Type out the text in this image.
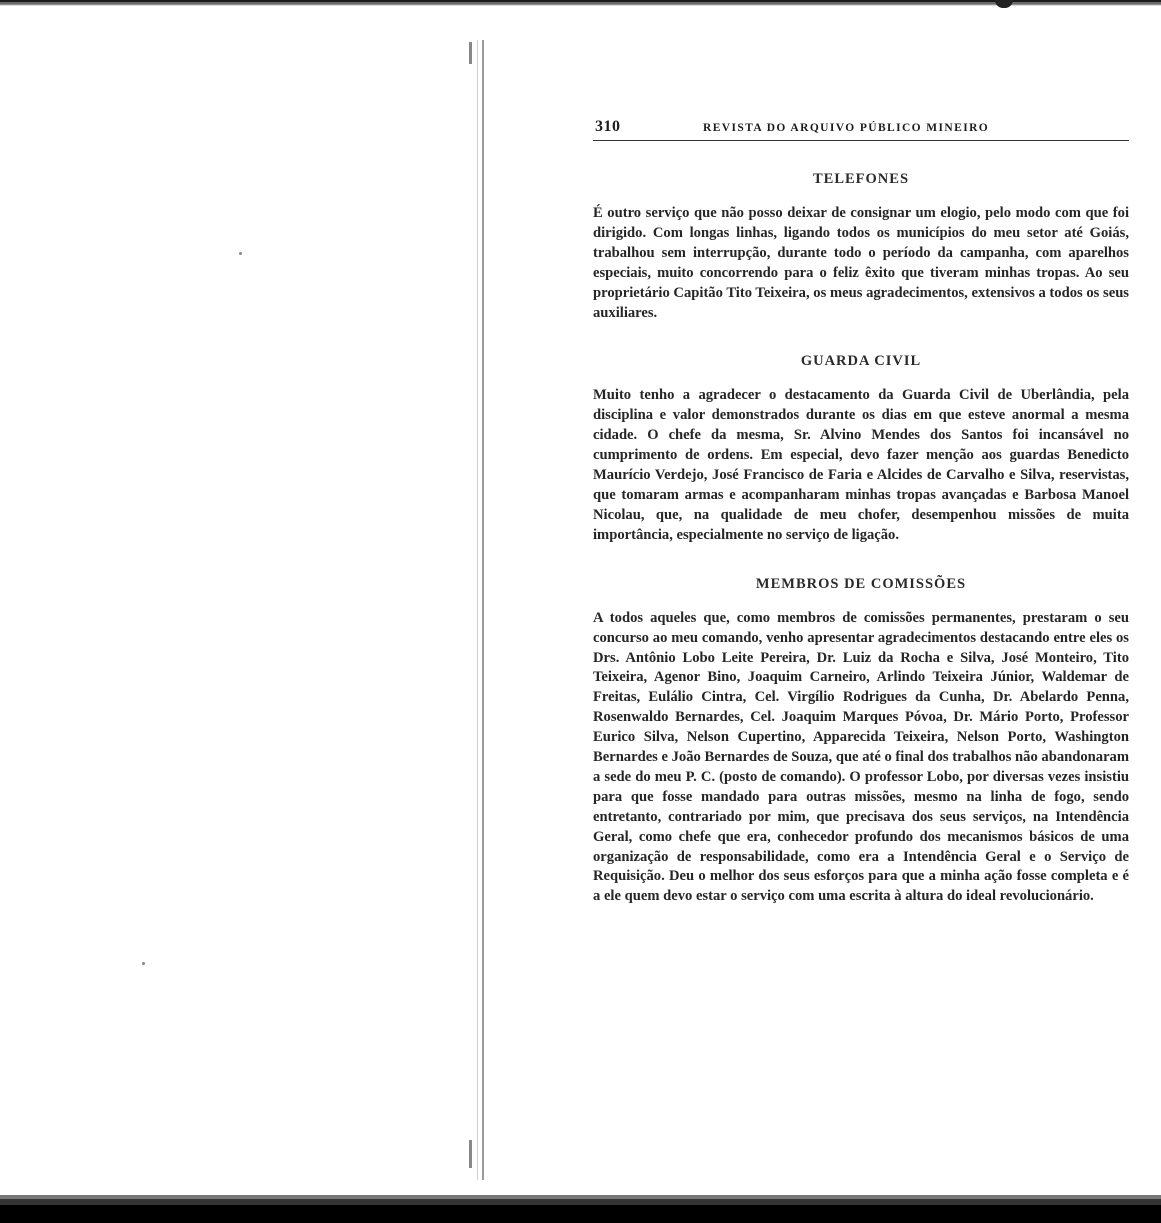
310	REVISTA DO ARQUIVO PÚBLICO MINEIRO
TELEFONES

É outro serviço que não posso deixar de consignar um elogio, pelo modo com que foi dirigido. Com longas linhas, ligando todos os municípios do meu setor até Goiás, trabalhou sem interrupção, durante todo o período da campanha, com aparelhos especiais, muito concorrendo para o feliz êxito que tiveram minhas tropas. Ao seu proprietário Capitão Tito Teixeira, os meus agradecimentos, extensivos a todos os seus auxiliares.

GUARDA CIVIL

Muito tenho a agradecer o destacamento da Guarda Civil de Uberlândia, pela disciplina e valor demonstrados durante os dias em que esteve anormal a mesma cidade. O chefe da mesma, Sr. Alvino Mendes dos Santos foi incansável no cumprimento de ordens. Em especial, devo fazer menção aos guardas Benedicto Maurício Verdejo, José Francisco de Faria e Alcides de Carvalho e Silva, reservistas, que tomaram armas e acompanharam minhas tropas avançadas e Barbosa Manoel Nicolau, que, na qualidade de meu chofer, desempenhou missões de muita importância, especialmente no serviço de ligação.

MEMBROS DE COMISSÕES

A todos aqueles que, como membros de comissões permanentes, prestaram o seu concurso ao meu comando, venho apresentar agradecimentos destacando entre eles os Drs. Antônio Lobo Leite Pereira, Dr. Luiz da Rocha e Silva, José Monteiro, Tito Teixeira, Agenor Bino, Joaquim Carneiro, Arlindo Teixeira Júnior, Waldemar de Freitas, Eulálio Cintra, Cel. Virgílio Rodrigues da Cunha, Dr. Abelardo Penna, Rosenwaldo Bernardes, Cel. Joaquim Marques Póvoa, Dr. Mário Porto, Professor Eurico Silva, Nelson Cupertino, Apparecida Teixeira, Nelson Porto, Washington Bernardes e João Bernardes de Souza, que até o final dos trabalhos não abandonaram a sede do meu P. C. (posto de comando). O professor Lobo, por diversas vezes insistiu para que fosse mandado para outras missões, mesmo na linha de fogo, sendo entretanto, contrariado por mim, que precisava dos seus serviços, na Intendência Geral, como chefe que era, conhecedor profundo dos mecanismos básicos de uma organização de responsabilidade, como era a Intendência Geral e o Serviço de Requisição. Deu o melhor dos seus esforços para que a minha ação fosse completa e é a ele quem devo estar o serviço com uma escrita à altura do ideal revolucionário.
